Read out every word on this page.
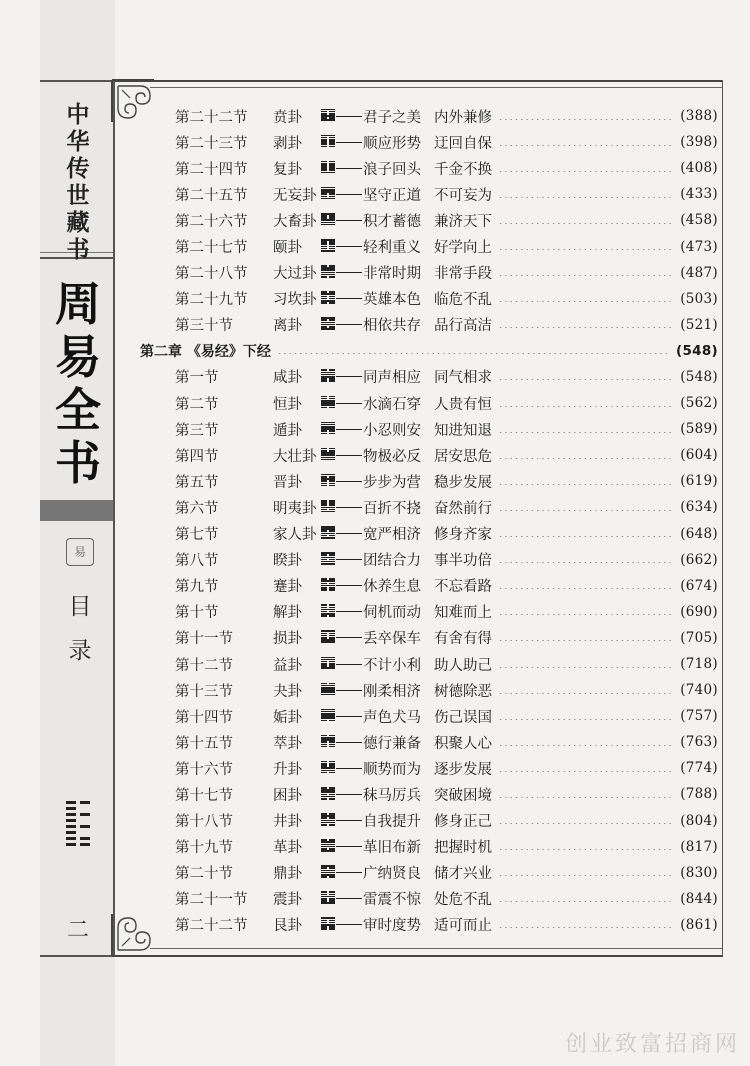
中华传世藏书
周易全书
易
目录
二
第二十二节	贲卦	君子之美 内外兼修	(388)
第二十三节	剥卦	顺应形势 迂回自保	(398)
第二十四节	复卦	浪子回头 千金不换	(408)
第二十五节	无妄卦	坚守正道 不可妄为	(433)
第二十六节	大畜卦	积才蓄德 兼济天下	(458)
第二十七节	颐卦	轻利重义 好学向上	(473)
第二十八节	大过卦	非常时期 非常手段	(487)
第二十九节	习坎卦	英雄本色 临危不乱	(503)
第三十节	离卦	相依共存 品行高洁	(521)
第二章 《易经》下经	(548)
第一节	咸卦	同声相应 同气相求	(548)
第二节	恒卦	水滴石穿 人贵有恒	(562)
第三节	遁卦	小忍则安 知进知退	(589)
第四节	大壮卦	物极必反 居安思危	(604)
第五节	晋卦	步步为营 稳步发展	(619)
第六节	明夷卦	百折不挠 奋然前行	(634)
第七节	家人卦	宽严相济 修身齐家	(648)
第八节	睽卦	团结合力 事半功倍	(662)
第九节	蹇卦	休养生息 不忘看路	(674)
第十节	解卦	伺机而动 知难而上	(690)
第十一节	损卦	丢卒保车 有舍有得	(705)
第十二节	益卦	不计小利 助人助己	(718)
第十三节	夬卦	刚柔相济 树德除恶	(740)
第十四节	姤卦	声色犬马 伤己误国	(757)
第十五节	萃卦	德行兼备 积聚人心	(763)
第十六节	升卦	顺势而为 逐步发展	(774)
第十七节	困卦	秣马厉兵 突破困境	(788)
第十八节	井卦	自我提升 修身正己	(804)
第十九节	革卦	革旧布新 把握时机	(817)
第二十节	鼎卦	广纳贤良 储才兴业	(830)
第二十一节	震卦	雷震不惊 处危不乱	(844)
第二十二节	艮卦	审时度势 适可而止	(861)
创业致富招商网
